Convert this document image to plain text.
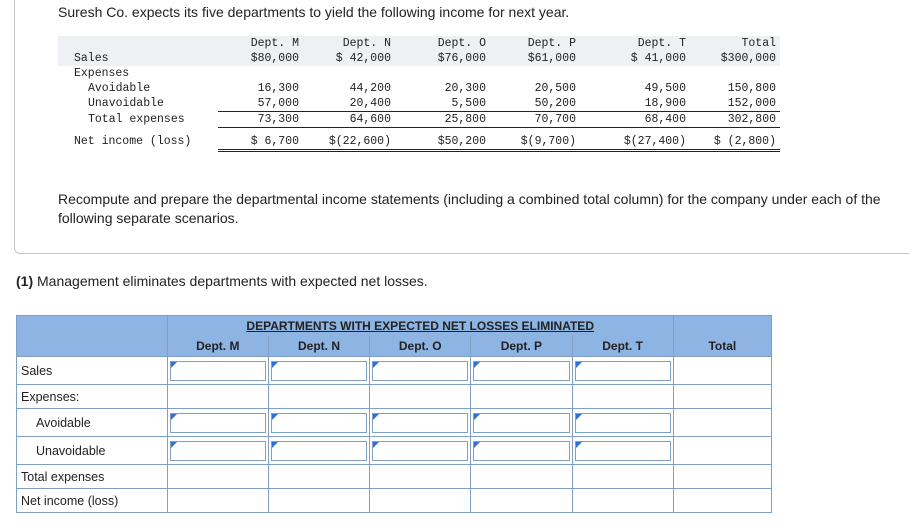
Suresh Co. expects its five departments to yield the following income for next year.
	Dept. M	Dept. N	Dept. O	Dept. P	Dept. T	Total
Sales	$80,000	$ 42,000	$76,000	$61,000	$ 41,000	$300,000
Expenses						
Avoidable	16,300	44,200	20,300	20,500	49,500	150,800
Unavoidable	57,000	20,400	5,500	50,200	18,900	152,000
Total expenses	73,300	64,600	25,800	70,700	68,400	302,800
Net income (loss)	$ 6,700	$(22,600)	$50,200	$(9,700)	$(27,400)	$ (2,800)
Recompute and prepare the departmental income statements (including a combined total column) for the company under each of the following separate scenarios.
(1) Management eliminates departments with expected net losses.
	DEPARTMENTS WITH EXPECTED NET LOSSES ELIMINATED					
	Dept. M	Dept. N	Dept. O	Dept. P	Dept. T	Total
Sales	

Expenses:						
Avoidable	

Unavoidable	

Total expenses						
Net income (loss)						
